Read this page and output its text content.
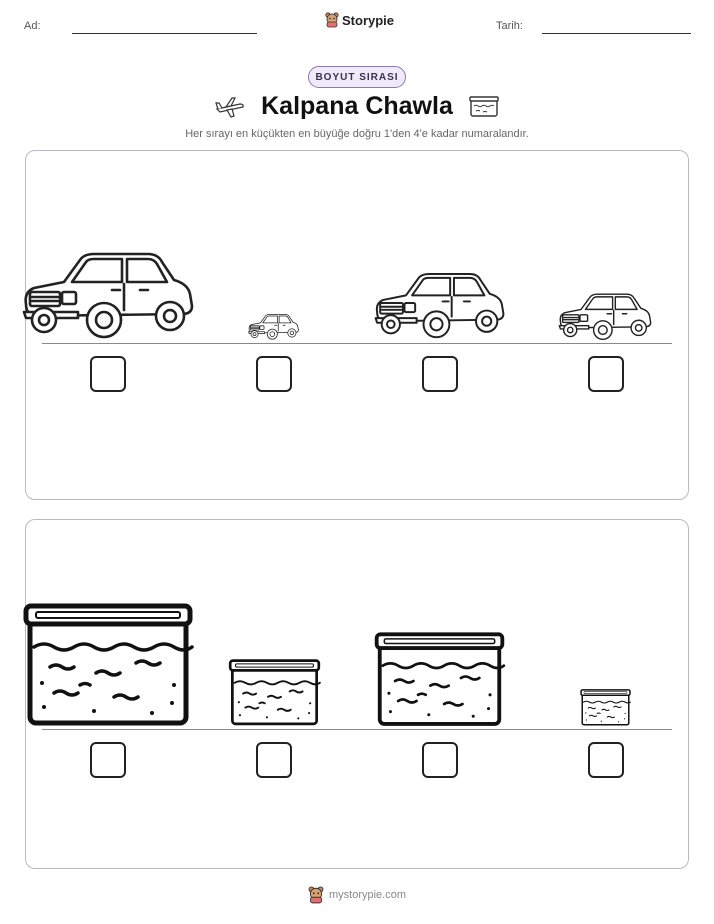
Ad:	Storypie	Tarih:
BOYUT SIRASI
Kalpana Chawla
Her sırayı en küçükten en büyüğe doğru 1'den 4'e kadar numaralandır.
mystorypie.com
